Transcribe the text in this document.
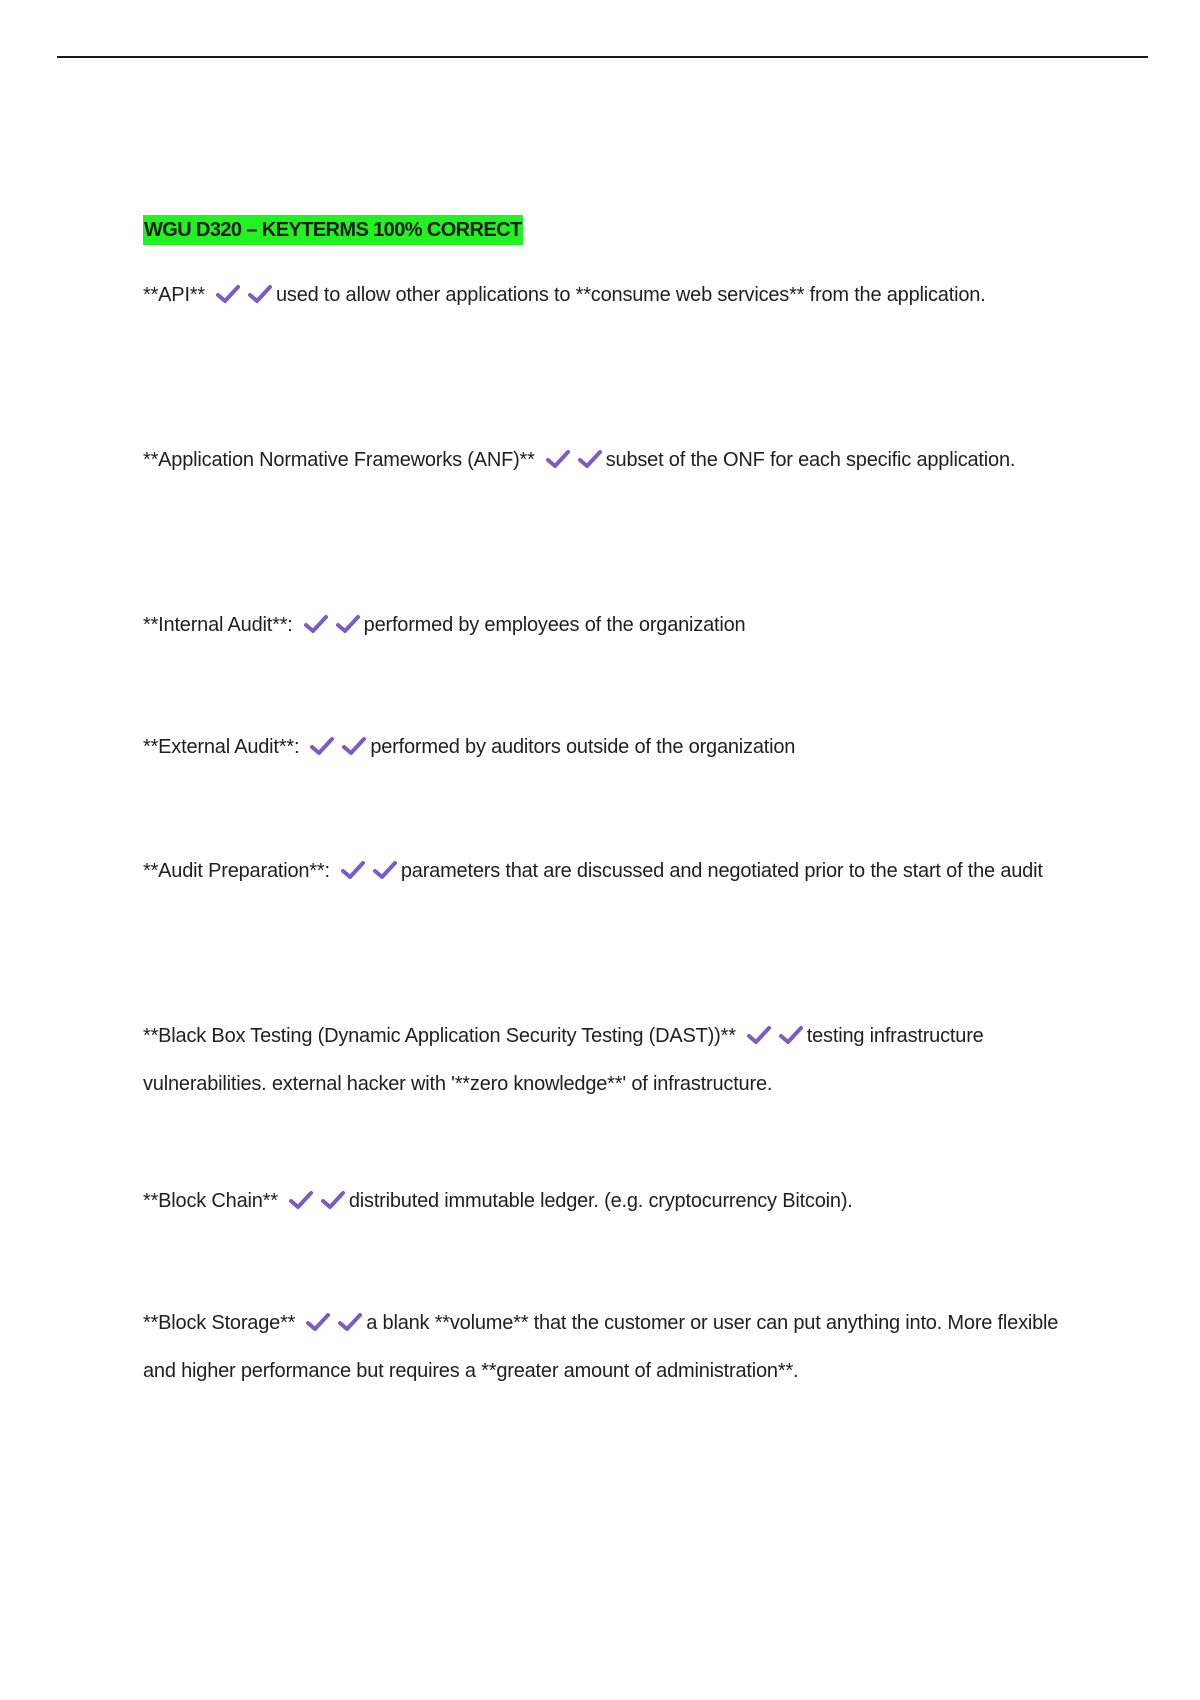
WGU D320 – KEYTERMS 100% CORRECT
**API**	used to allow other applications to **consume web services** from the application.
**Application Normative Frameworks (ANF)**	subset of the ONF for each specific application.
**Internal Audit**:	performed by employees of the organization
**External Audit**:	performed by auditors outside of the organization
**Audit Preparation**:	parameters that are discussed and negotiated prior to the start of the audit
**Black Box Testing (Dynamic Application Security Testing (DAST))**	testing infrastructure vulnerabilities. external hacker with '**zero knowledge**' of infrastructure.
**Block Chain**	distributed immutable ledger. (e.g. cryptocurrency Bitcoin).
**Block Storage**	a blank **volume** that the customer or user can put anything into. More flexible and higher performance but requires a **greater amount of administration**.
